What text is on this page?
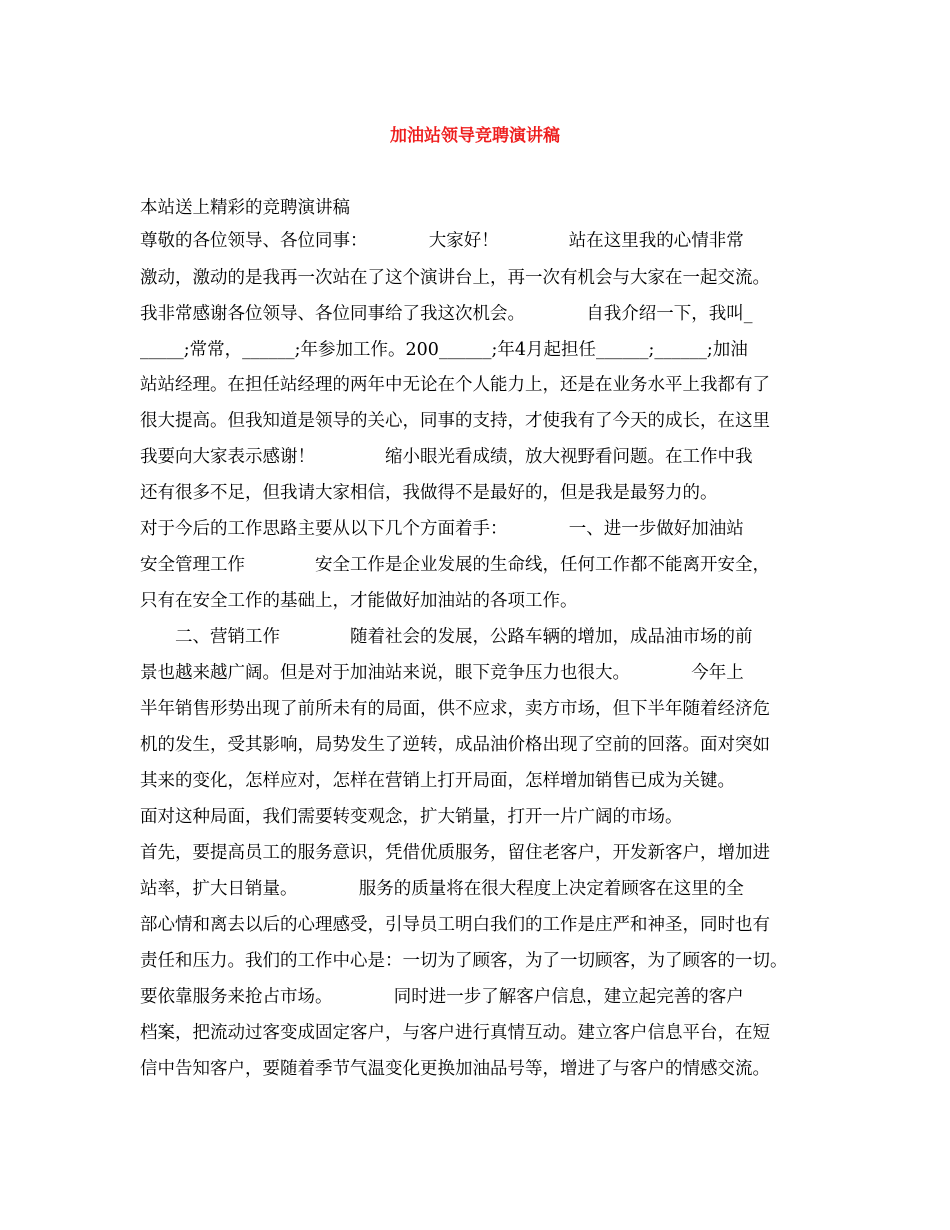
加油站领导竞聘演讲稿
本站送上精彩的竞聘演讲稿
尊敬的各位领导、各位同事：　　　　大家好！　　　　站在这里我的心情非常
激动，激动的是我再一次站在了这个演讲台上，再一次有机会与大家在一起交流。
我非常感谢各位领导、各位同事给了我这次机会。　　　　自我介绍一下，我叫_
_____;常常，______;年参加工作。200______;年4月起担任______;______;加油
站站经理。在担任站经理的两年中无论在个人能力上，还是在业务水平上我都有了
很大提高。但我知道是领导的关心，同事的支持，才使我有了今天的成长，在这里
我要向大家表示感谢！　　　　缩小眼光看成绩，放大视野看问题。在工作中我
还有很多不足，但我请大家相信，我做得不是最好的，但是我是最努力的。
对于今后的工作思路主要从以下几个方面着手：　　　　一、进一步做好加油站
安全管理工作　　　　安全工作是企业发展的生命线，任何工作都不能离开安全，
只有在安全工作的基础上，才能做好加油站的各项工作。
　　二、营销工作　　　　随着社会的发展，公路车辆的增加，成品油市场的前
景也越来越广阔。但是对于加油站来说，眼下竞争压力也很大。　　　　今年上
半年销售形势出现了前所未有的局面，供不应求，卖方市场，但下半年随着经济危
机的发生，受其影响，局势发生了逆转，成品油价格出现了空前的回落。面对突如
其来的变化，怎样应对，怎样在营销上打开局面，怎样增加销售已成为关键。
面对这种局面，我们需要转变观念，扩大销量，打开一片广阔的市场。
首先，要提高员工的服务意识，凭借优质服务，留住老客户，开发新客户，增加进
站率，扩大日销量。　　　　服务的质量将在很大程度上决定着顾客在这里的全
部心情和离去以后的心理感受，引导员工明白我们的工作是庄严和神圣，同时也有
责任和压力。我们的工作中心是：一切为了顾客，为了一切顾客，为了顾客的一切。
要依靠服务来抢占市场。　　　　同时进一步了解客户信息，建立起完善的客户
档案，把流动过客变成固定客户，与客户进行真情互动。建立客户信息平台，在短
信中告知客户，要随着季节气温变化更换加油品号等，增进了与客户的情感交流。
